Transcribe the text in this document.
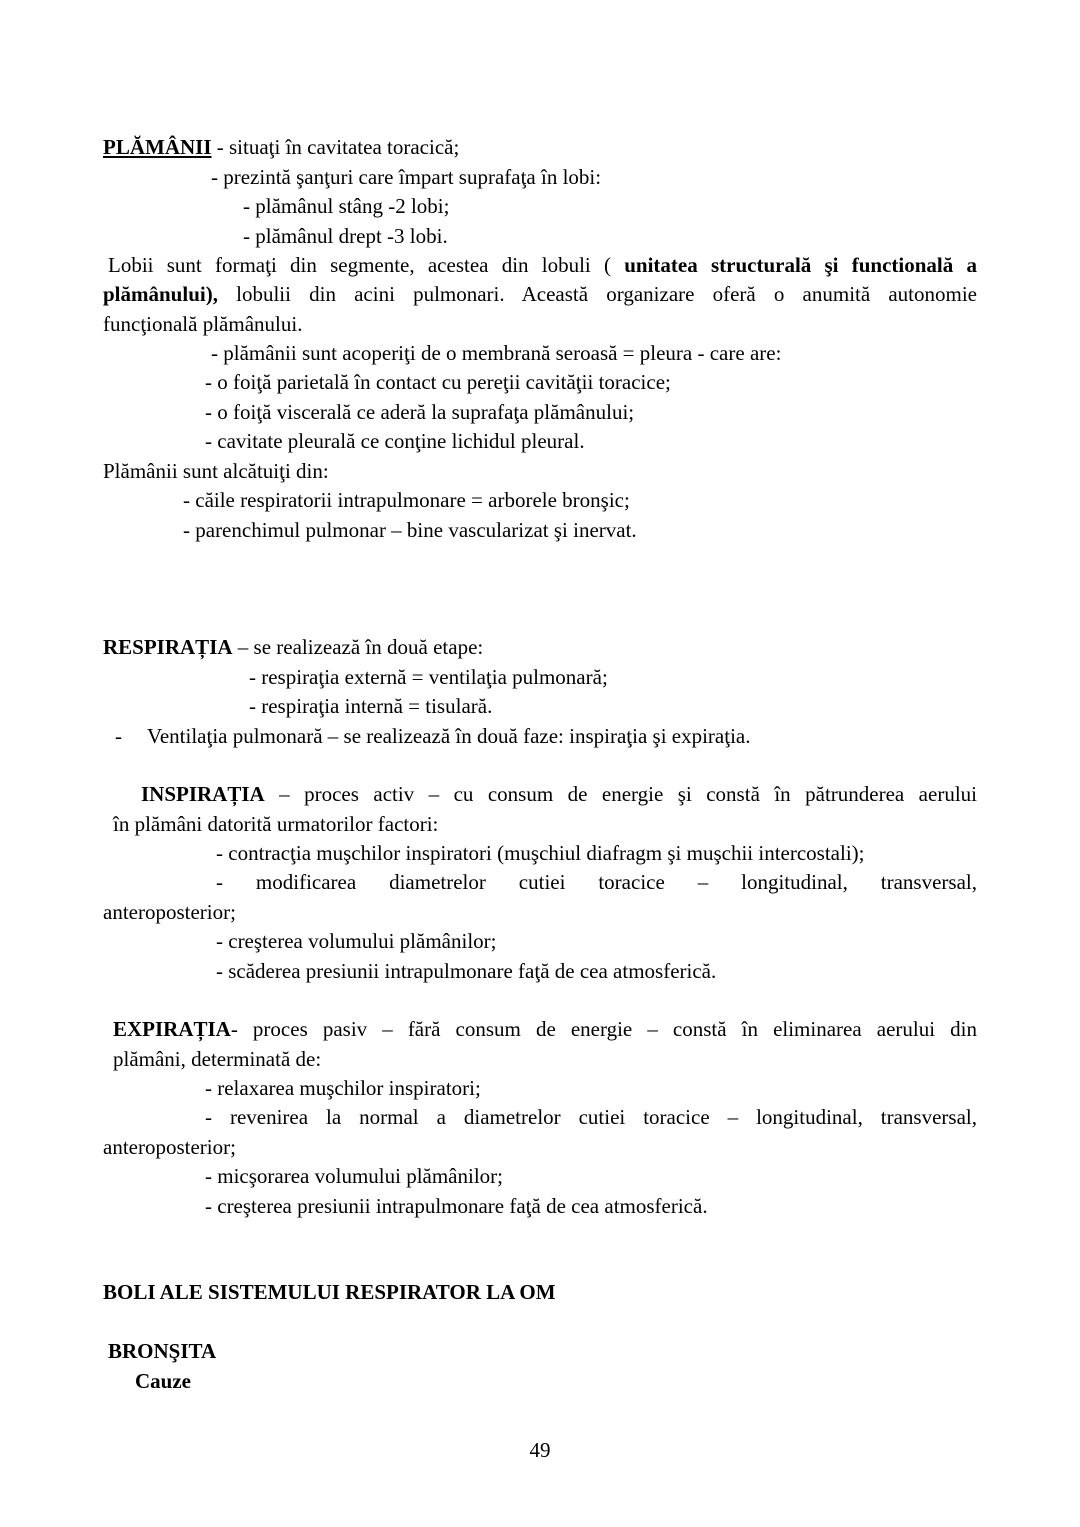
PLĂMÂNII - situaţi în cavitatea toracică;
- prezintă şanţuri care împart suprafaţa în lobi:
- plămânul stâng -2 lobi;
- plămânul drept -3 lobi.
Lobii sunt formaţi din segmente, acestea din lobuli ( unitatea structurală şi functională a
plămânului), lobulii din acini pulmonari. Această organizare oferă o anumită autonomie
funcţională plămânului.
- plămânii sunt acoperiţi de o membrană seroasă = pleura - care are:
- o foiţă parietală în contact cu pereţii cavităţii toracice;
- o foiţă viscerală ce aderă la suprafaţa plămânului;
- cavitate pleurală ce conţine lichidul pleural.
Plămânii sunt alcătuiţi din:
- căile respiratorii intrapulmonare = arborele bronşic;
- parenchimul pulmonar – bine vascularizat şi inervat.
RESPIRAȚIA – se realizează în două etape:
- respiraţia externă = ventilaţia pulmonară;
- respiraţia internă = tisulară.
- Ventilaţia pulmonară – se realizează în două faze: inspiraţia şi expiraţia.
INSPIRAȚIA – proces activ – cu consum de energie şi constă în pătrunderea aerului
în plămâni datorită urmatorilor factori:
- contracţia muşchilor inspiratori (muşchiul diafragm şi muşchii intercostali);
- modificarea diametrelor cutiei toracice – longitudinal, transversal,
anteroposterior;
- creşterea volumului plămânilor;
- scăderea presiunii intrapulmonare faţă de cea atmosferică.
EXPIRAȚIA- proces pasiv – fără consum de energie – constă în eliminarea aerului din
plămâni, determinată de:
- relaxarea muşchilor inspiratori;
- revenirea la normal a diametrelor cutiei toracice – longitudinal, transversal,
anteroposterior;
- micşorarea volumului plămânilor;
- creşterea presiunii intrapulmonare faţă de cea atmosferică.
BOLI ALE SISTEMULUI RESPIRATOR LA OM
BRONŞITA
Cauze
49
